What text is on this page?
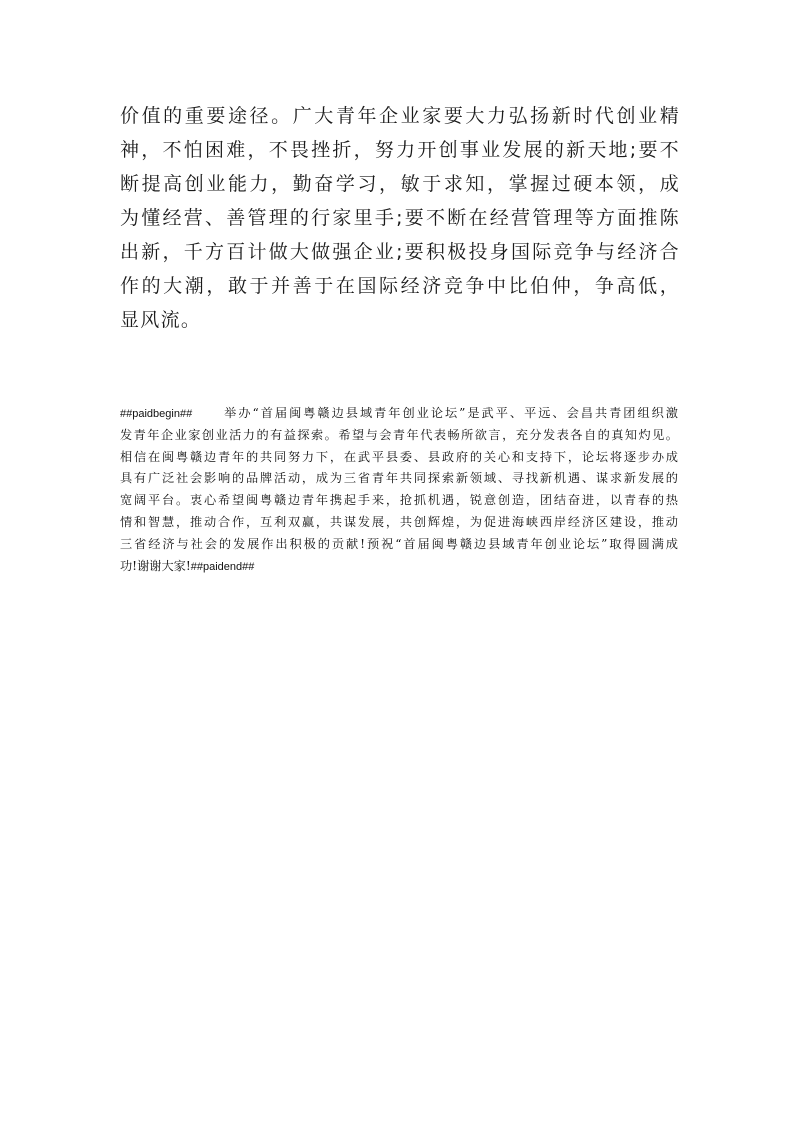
价值的重要途径。广大青年企业家要大力弘扬新时代创业精
神，不怕困难，不畏挫折，努力开创事业发展的新天地;要不
断提高创业能力，勤奋学习，敏于求知，掌握过硬本领，成
为懂经营、善管理的行家里手;要不断在经营管理等方面推陈
出新，千方百计做大做强企业;要积极投身国际竞争与经济合
作的大潮，敢于并善于在国际经济竞争中比伯仲，争高低，
显风流。
##paidbegin## 举办“首届闽粤赣边县域青年创业论坛”是武平、平远、会昌共青团组织激
发青年企业家创业活力的有益探索。希望与会青年代表畅所欲言，充分发表各自的真知灼见。
相信在闽粤赣边青年的共同努力下，在武平县委、县政府的关心和支持下，论坛将逐步办成
具有广泛社会影响的品牌活动，成为三省青年共同探索新领域、寻找新机遇、谋求新发展的
宽阔平台。衷心希望闽粤赣边青年携起手来，抢抓机遇，锐意创造，团结奋进，以青春的热
情和智慧，推动合作，互利双赢，共谋发展，共创辉煌，为促进海峡西岸经济区建设，推动
三省经济与社会的发展作出积极的贡献!预祝“首届闽粤赣边县域青年创业论坛”取得圆满成
功!谢谢大家!##paidend##
